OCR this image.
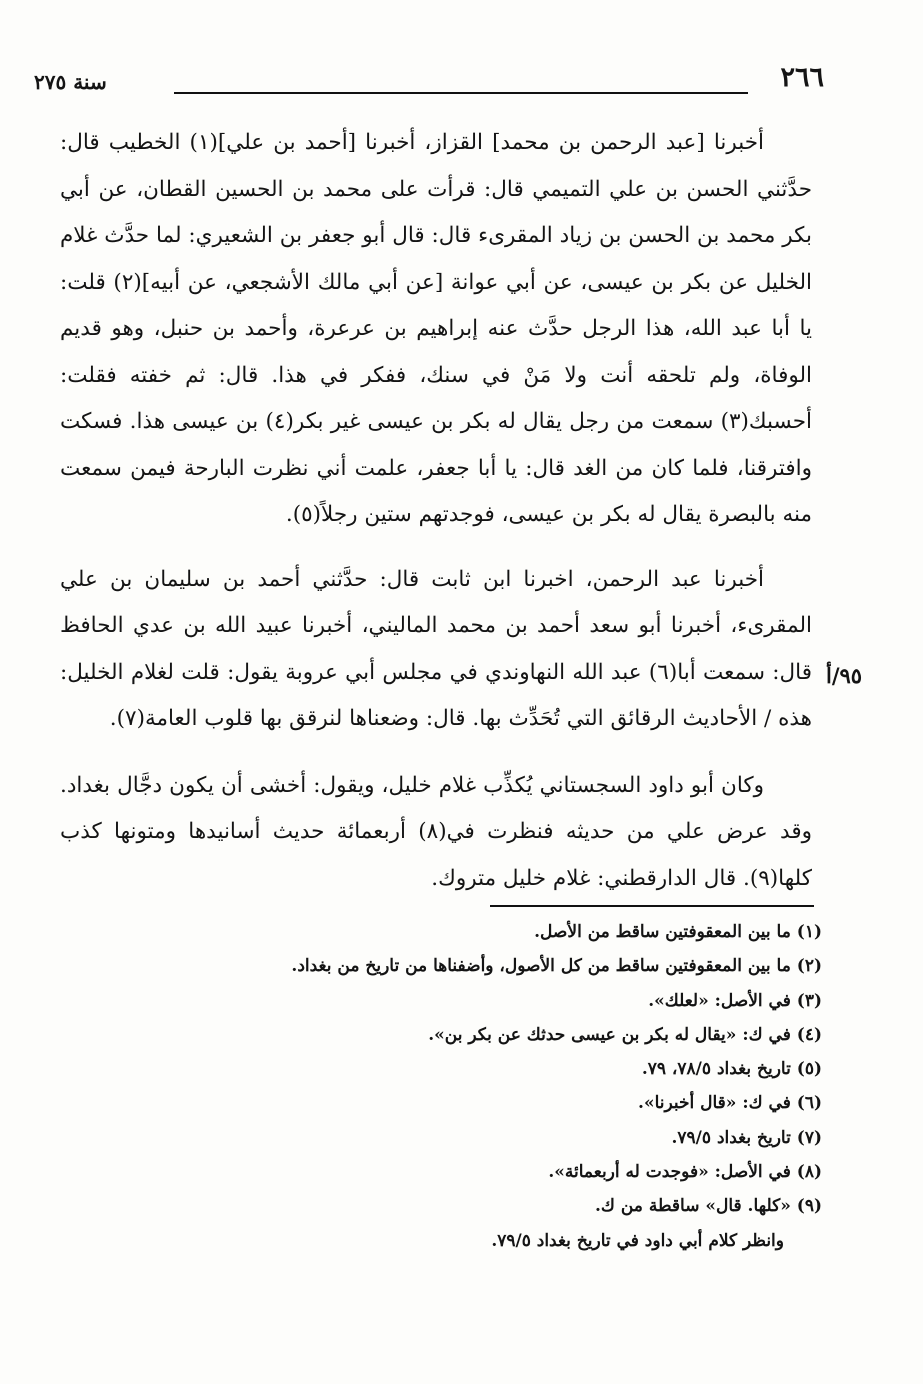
٢٦٦
سنة ٢٧٥
٩٥/أ

أخبرنا [عبد الرحمن بن محمد] القزاز، أخبرنا [أحمد بن علي](١) الخطيب قال: حدَّثني الحسن بن علي التميمي قال: قرأت على محمد بن الحسين القطان، عن أبي بكر محمد بن الحسن بن زياد المقرىء قال: قال أبو جعفر بن الشعيري: لما حدَّث غلام الخليل عن بكر بن عيسى، عن أبي عوانة [عن أبي مالك الأشجعي، عن أبيه](٢) قلت: يا أبا عبد الله، هذا الرجل حدَّث عنه إبراهيم بن عرعرة، وأحمد بن حنبل، وهو قديم الوفاة، ولم تلحقه أنت ولا مَنْ في سنك، ففكر في هذا. قال: ثم خفته فقلت: أحسبك(٣) سمعت من رجل يقال له بكر بن عيسى غير بكر(٤) بن عيسى هذا. فسكت وافترقنا، فلما كان من الغد قال: يا أبا جعفر، علمت أني نظرت البارحة فيمن سمعت منه بالبصرة يقال له بكر بن عيسى، فوجدتهم ستين رجلاً(٥).

أخبرنا عبد الرحمن، اخبرنا ابن ثابت قال: حدَّثني أحمد بن سليمان بن علي المقرىء، أخبرنا أبو سعد أحمد بن محمد الماليني، أخبرنا عبيد الله بن عدي الحافظ قال: سمعت أبا(٦) عبد الله النهاوندي في مجلس أبي عروبة يقول: قلت لغلام الخليل: هذه / الأحاديث الرقائق التي تُحَدِّث بها. قال: وضعناها لنرقق بها قلوب العامة(٧).

وكان أبو داود السجستاني يُكذِّب غلام خليل، ويقول: أخشى أن يكون دجَّال بغداد. وقد عرض علي من حديثه فنظرت في(٨) أربعمائة حديث أسانيدها ومتونها كذب كلها(٩). قال الدارقطني: غلام خليل متروك.

(١) ما بين المعقوفتين ساقط من الأصل.

(٢) ما بين المعقوفتين ساقط من كل الأصول، وأضفناها من تاريخ من بغداد.

(٣) في الأصل: «لعلك».

(٤) في ك: «يقال له بكر بن عيسى حدثك عن بكر بن».

(٥) تاريخ بغداد ٧٨/٥، ٧٩.

(٦) في ك: «قال أخبرنا».

(٧) تاريخ بغداد ٧٩/٥.

(٨) في الأصل: «فوجدت له أربعمائة».

(٩) «كلها. قال» ساقطة من ك.

وانظر كلام أبي داود في تاريخ بغداد ٧٩/٥.
